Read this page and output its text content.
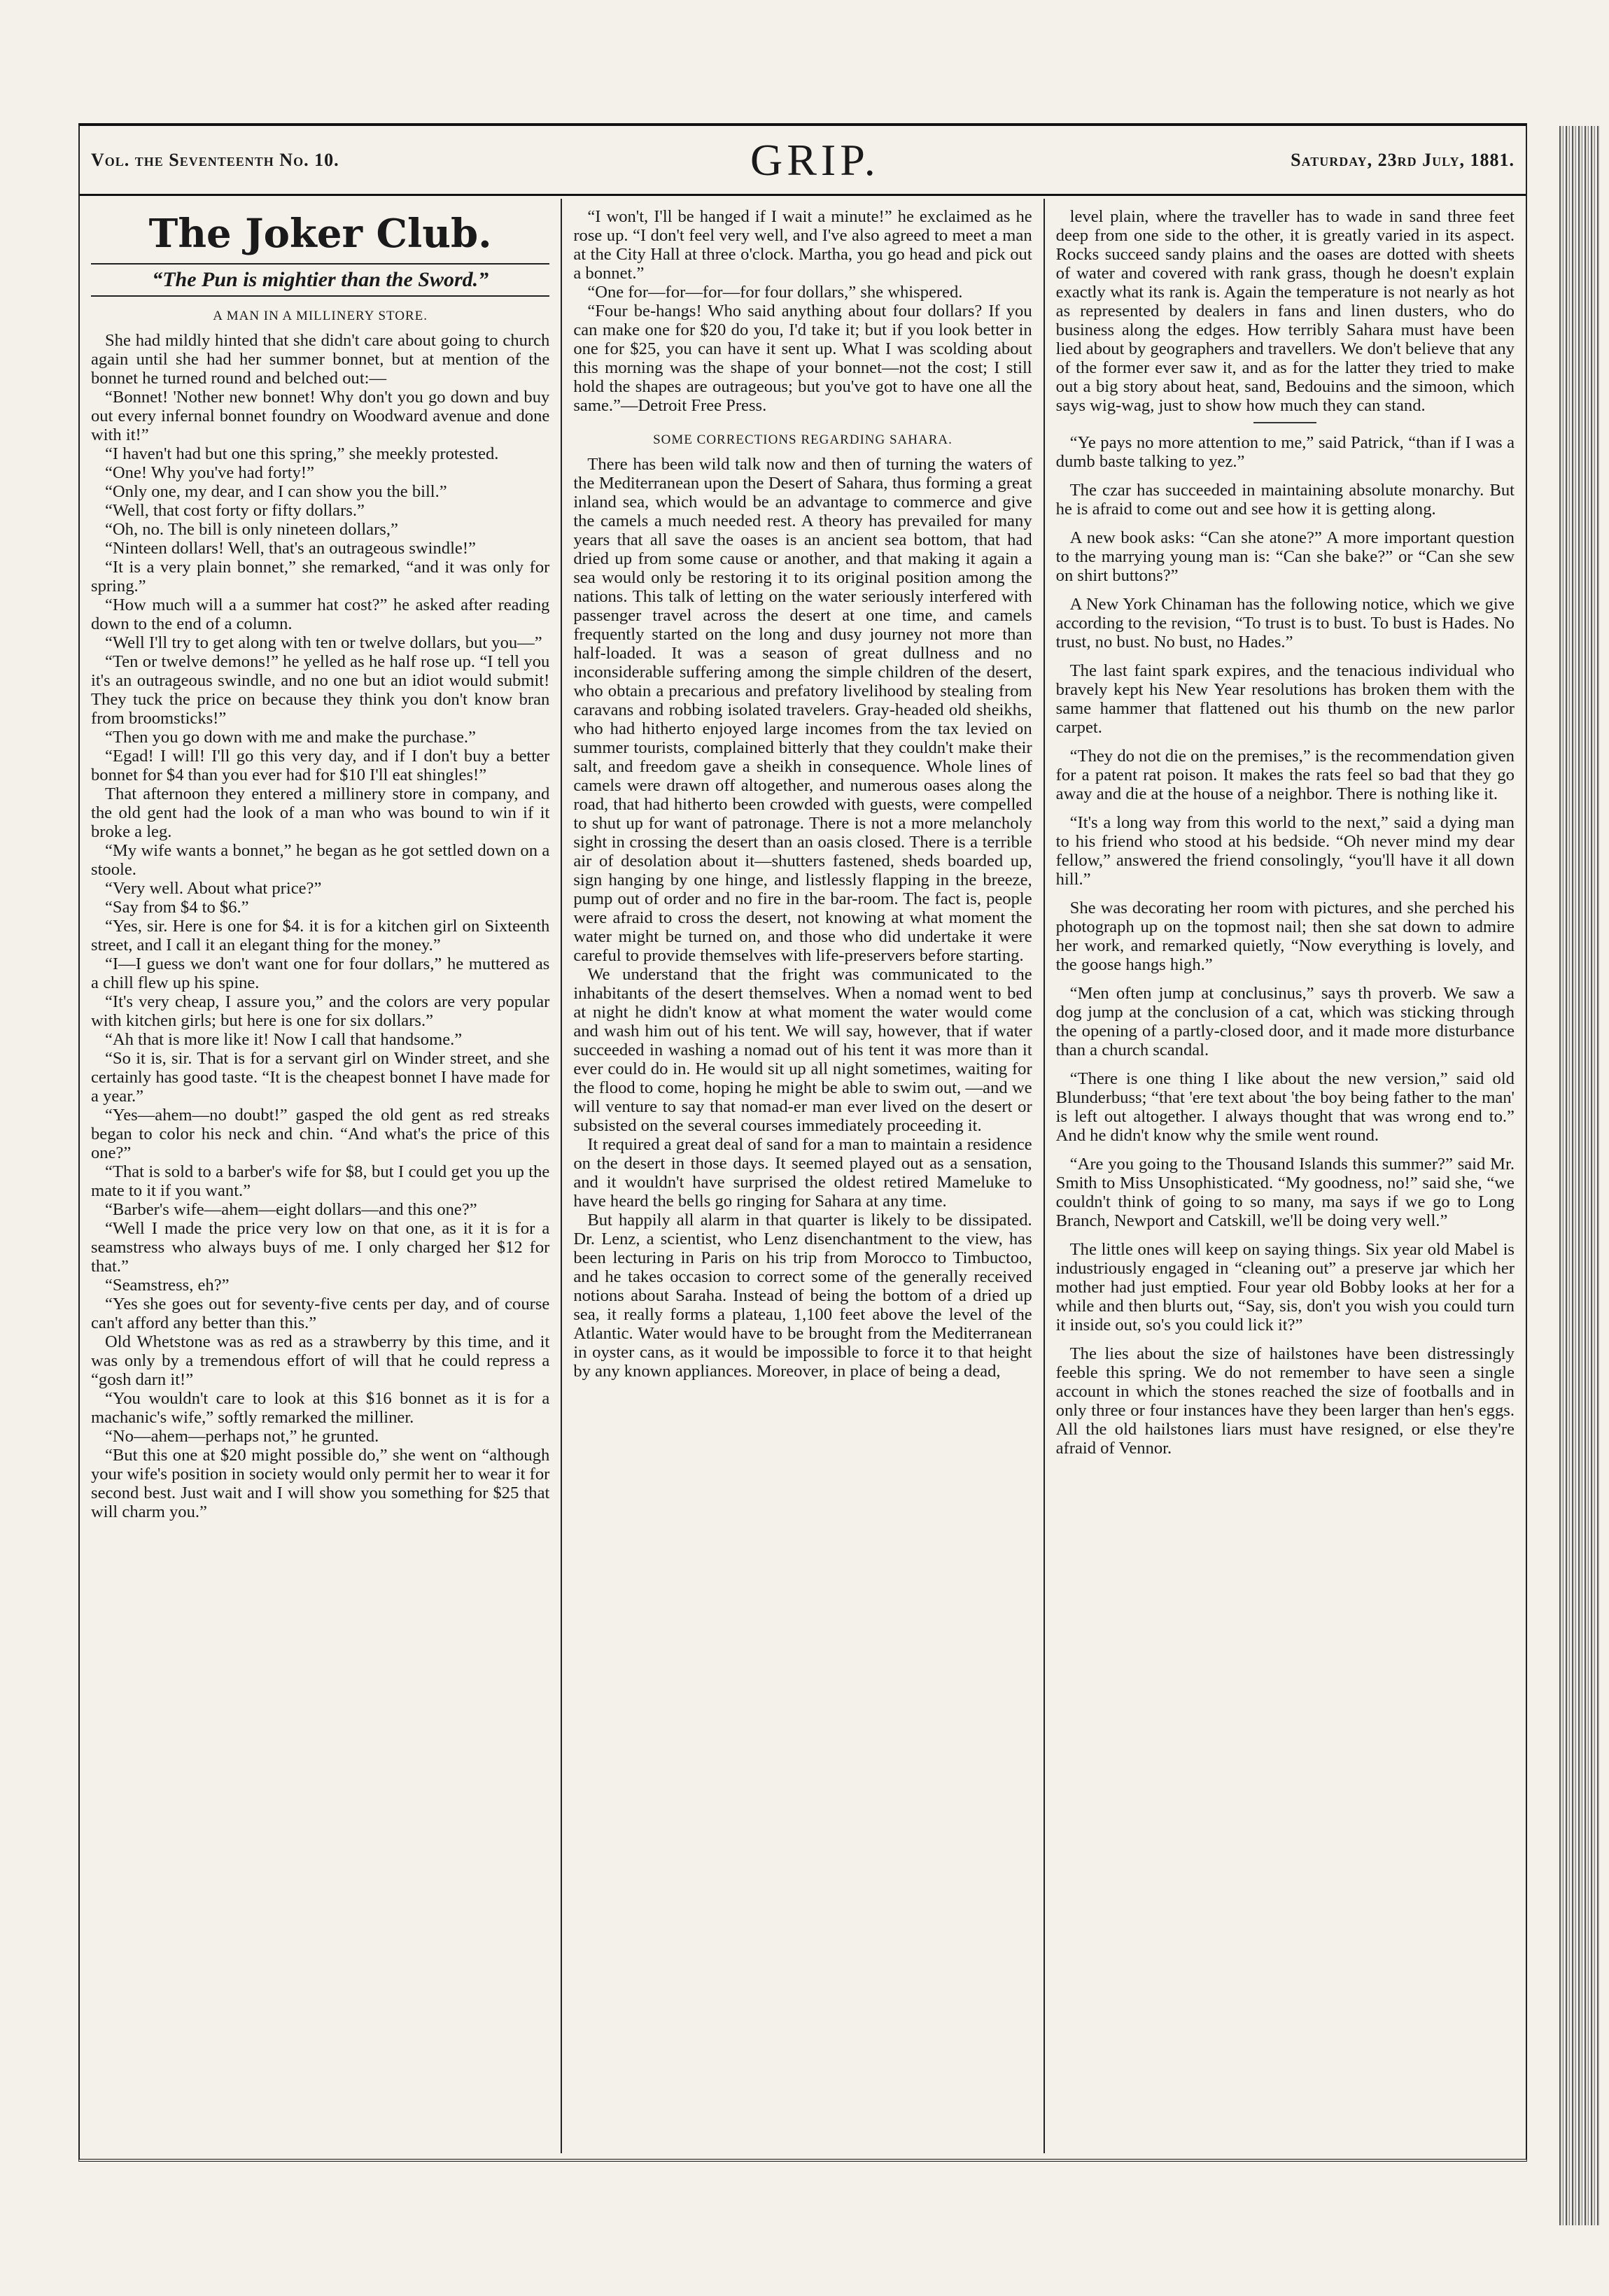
Vol. the Seventeenth No. 10.	GRIP.	Saturday, 23rd July, 1881.
The Joker Club.
“The Pun is mightier than the Sword.”
A MAN IN A MILLINERY STORE.

She had mildly hinted that she didn't care about going to church again until she had her summer bonnet, but at mention of the bonnet he turned round and belched out:—

“Bonnet! 'Nother new bonnet! Why don't you go down and buy out every infernal bonnet foundry on Woodward avenue and done with it!”

“I haven't had but one this spring,” she meekly protested.

“One! Why you've had forty!”

“Only one, my dear, and I can show you the bill.”

“Well, that cost forty or fifty dollars.”

“Oh, no. The bill is only nineteen dollars,”

“Ninteen dollars! Well, that's an outrageous swindle!”

“It is a very plain bonnet,” she remarked, “and it was only for spring.”

“How much will a a summer hat cost?” he asked after reading down to the end of a column.

“Well I'll try to get along with ten or twelve dollars, but you—”

“Ten or twelve demons!” he yelled as he half rose up. “I tell you it's an outrageous swindle, and no one but an idiot would submit! They tuck the price on because they think you don't know bran from broomsticks!”

“Then you go down with me and make the purchase.”

“Egad! I will! I'll go this very day, and if I don't buy a better bonnet for $4 than you ever had for $10 I'll eat shingles!”

That afternoon they entered a millinery store in company, and the old gent had the look of a man who was bound to win if it broke a leg.

“My wife wants a bonnet,” he began as he got settled down on a stoole.

“Very well. About what price?”

“Say from $4 to $6.”

“Yes, sir. Here is one for $4. it is for a kitchen girl on Sixteenth street, and I call it an elegant thing for the money.”

“I—I guess we don't want one for four dollars,” he muttered as a chill flew up his spine.

“It's very cheap, I assure you,” and the colors are very popular with kitchen girls; but here is one for six dollars.”

“Ah that is more like it! Now I call that handsome.”

“So it is, sir. That is for a servant girl on Winder street, and she certainly has good taste. “It is the cheapest bonnet I have made for a year.”

“Yes—ahem—no doubt!” gasped the old gent as red streaks began to color his neck and chin. “And what's the price of this one?”

“That is sold to a barber's wife for $8, but I could get you up the mate to it if you want.”

“Barber's wife—ahem—eight dollars—and this one?”

“Well I made the price very low on that one, as it it is for a seamstress who always buys of me. I only charged her $12 for that.”

“Seamstress, eh?”

“Yes she goes out for seventy-five cents per day, and of course can't afford any better than this.”

Old Whetstone was as red as a strawberry by this time, and it was only by a tremendous effort of will that he could repress a “gosh darn it!”

“You wouldn't care to look at this $16 bonnet as it is for a machanic's wife,” softly remarked the milliner.

“No—ahem—perhaps not,” he grunted.

“But this one at $20 might possible do,” she went on “although your wife's position in society would only permit her to wear it for second best. Just wait and I will show you something for $25 that will charm you.”

“I won't, I'll be hanged if I wait a minute!” he exclaimed as he rose up. “I don't feel very well, and I've also agreed to meet a man at the City Hall at three o'clock. Martha, you go head and pick out a bonnet.”

“One for—for—for—for four dollars,” she whispered.

“Four be-hangs! Who said anything about four dollars? If you can make one for $20 do you, I'd take it; but if you look better in one for $25, you can have it sent up. What I was scolding about this morning was the shape of your bonnet—not the cost; I still hold the shapes are outrageous; but you've got to have one all the same.”—Detroit Free Press.

SOME CORRECTIONS REGARDING SAHARA.

There has been wild talk now and then of turning the waters of the Mediterranean upon the Desert of Sahara, thus forming a great inland sea, which would be an advantage to commerce and give the camels a much needed rest. A theory has prevailed for many years that all save the oases is an ancient sea bottom, that had dried up from some cause or another, and that making it again a sea would only be restoring it to its original position among the nations. This talk of letting on the water seriously interfered with passenger travel across the desert at one time, and camels frequently started on the long and dusy journey not more than half-loaded. It was a season of great dullness and no inconsiderable suffering among the simple children of the desert, who obtain a precarious and prefatory livelihood by stealing from caravans and robbing isolated travelers. Gray-headed old sheikhs, who had hitherto enjoyed large incomes from the tax levied on summer tourists, complained bitterly that they couldn't make their salt, and freedom gave a sheikh in consequence. Whole lines of camels were drawn off altogether, and numerous oases along the road, that had hitherto been crowded with guests, were compelled to shut up for want of patronage. There is not a more melancholy sight in crossing the desert than an oasis closed. There is a terrible air of desolation about it—shutters fastened, sheds boarded up, sign hanging by one hinge, and listlessly flapping in the breeze, pump out of order and no fire in the bar-room. The fact is, people were afraid to cross the desert, not knowing at what moment the water might be turned on, and those who did undertake it were careful to provide themselves with life-preservers before starting.

We understand that the fright was communicated to the inhabitants of the desert themselves. When a nomad went to bed at night he didn't know at what moment the water would come and wash him out of his tent. We will say, however, that if water succeeded in washing a nomad out of his tent it was more than it ever could do in. He would sit up all night sometimes, waiting for the flood to come, hoping he might be able to swim out, —and we will venture to say that nomad-er man ever lived on the desert or subsisted on the several courses immediately proceeding it.

It required a great deal of sand for a man to maintain a residence on the desert in those days. It seemed played out as a sensation, and it wouldn't have surprised the oldest retired Mameluke to have heard the bells go ringing for Sahara at any time.

But happily all alarm in that quarter is likely to be dissipated. Dr. Lenz, a scientist, who Lenz disenchantment to the view, has been lecturing in Paris on his trip from Morocco to Timbuctoo, and he takes occasion to correct some of the generally received notions about Saraha. Instead of being the bottom of a dried up sea, it really forms a plateau, 1,100 feet above the level of the Atlantic. Water would have to be brought from the Mediterranean in oyster cans, as it would be impossible to force it to that height by any known appliances. Moreover, in place of being a dead,

level plain, where the traveller has to wade in sand three feet deep from one side to the other, it is greatly varied in its aspect. Rocks succeed sandy plains and the oases are dotted with sheets of water and covered with rank grass, though he doesn't explain exactly what its rank is. Again the temperature is not nearly as hot as represented by dealers in fans and linen dusters, who do business along the edges. How terribly Sahara must have been lied about by geographers and travellers. We don't believe that any of the former ever saw it, and as for the latter they tried to make out a big story about heat, sand, Bedouins and the simoon, which says wig-wag, just to show how much they can stand.

“Ye pays no more attention to me,” said Patrick, “than if I was a dumb baste talking to yez.”

The czar has succeeded in maintaining absolute monarchy. But he is afraid to come out and see how it is getting along.

A new book asks: “Can she atone?” A more important question to the marrying young man is: “Can she bake?” or “Can she sew on shirt buttons?”

A New York Chinaman has the following notice, which we give according to the revision, “To trust is to bust. To bust is Hades. No trust, no bust. No bust, no Hades.”

The last faint spark expires, and the tenacious individual who bravely kept his New Year resolutions has broken them with the same hammer that flattened out his thumb on the new parlor carpet.

“They do not die on the premises,” is the recommendation given for a patent rat poison. It makes the rats feel so bad that they go away and die at the house of a neighbor. There is nothing like it.

“It's a long way from this world to the next,” said a dying man to his friend who stood at his bedside. “Oh never mind my dear fellow,” answered the friend consolingly, “you'll have it all down hill.”

She was decorating her room with pictures, and she perched his photograph up on the topmost nail; then she sat down to admire her work, and remarked quietly, “Now everything is lovely, and the goose hangs high.”

“Men often jump at conclusinus,” says th proverb. We saw a dog jump at the conclusion of a cat, which was sticking through the opening of a partly-closed door, and it made more disturbance than a church scandal.

“There is one thing I like about the new version,” said old Blunderbuss; “that 'ere text about 'the boy being father to the man' is left out altogether. I always thought that was wrong end to.” And he didn't know why the smile went round.

“Are you going to the Thousand Islands this summer?” said Mr. Smith to Miss Unsophisticated. “My goodness, no!” said she, “we couldn't think of going to so many, ma says if we go to Long Branch, Newport and Catskill, we'll be doing very well.”

The little ones will keep on saying things. Six year old Mabel is industriously engaged in “cleaning out” a preserve jar which her mother had just emptied. Four year old Bobby looks at her for a while and then blurts out, “Say, sis, don't you wish you could turn it inside out, so's you could lick it?”

The lies about the size of hailstones have been distressingly feeble this spring. We do not remember to have seen a single account in which the stones reached the size of footballs and in only three or four instances have they been larger than hen's eggs. All the old hailstones liars must have resigned, or else they're afraid of Vennor.
